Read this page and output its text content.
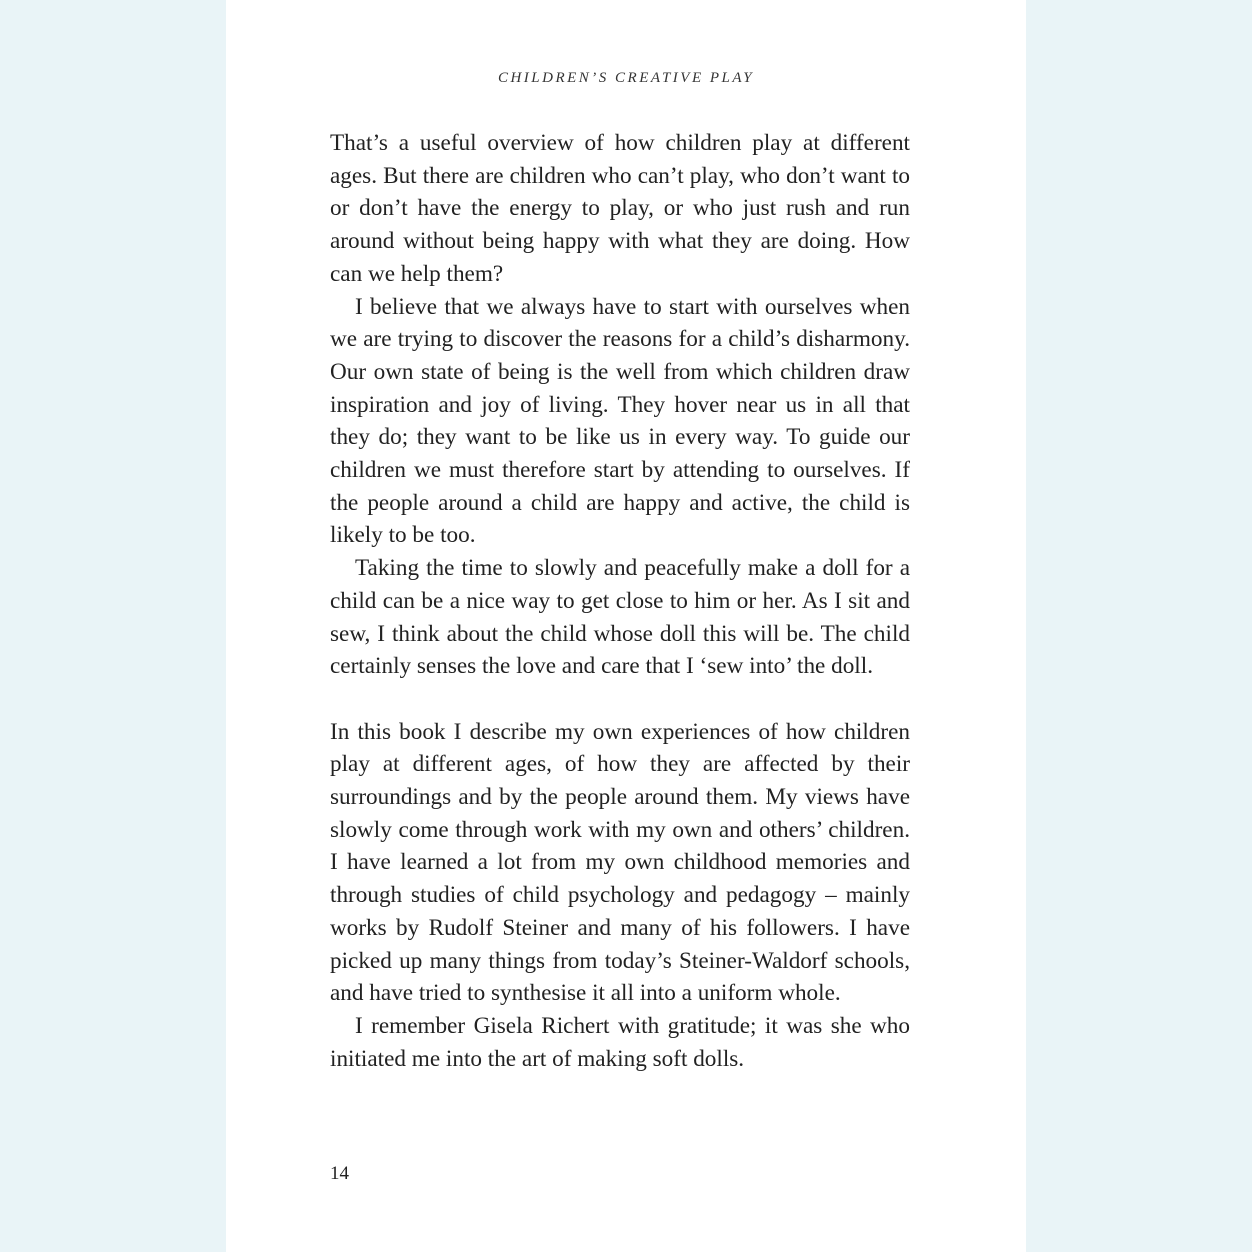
CHILDREN’S CREATIVE PLAY

That’s a useful overview of how children play at different ages. But there are children who can’t play, who don’t want to or don’t have the energy to play, or who just rush and run around without being happy with what they are doing. How can we help them?

I believe that we always have to start with ourselves when we are trying to discover the reasons for a child’s disharmony. Our own state of being is the well from which children draw inspiration and joy of living. They hover near us in all that they do; they want to be like us in every way. To guide our children we must therefore start by attending to ourselves. If the people around a child are happy and active, the child is likely to be too.

Taking the time to slowly and peacefully make a doll for a child can be a nice way to get close to him or her. As I sit and sew, I think about the child whose doll this will be. The child certainly senses the love and care that I ‘sew into’ the doll.

In this book I describe my own experiences of how children play at different ages, of how they are affected by their surroundings and by the people around them. My views have slowly come through work with my own and others’ children. I have learned a lot from my own childhood memories and through studies of child psychology and pedagogy – mainly works by Rudolf Steiner and many of his followers. I have picked up many things from today’s Steiner-Waldorf schools, and have tried to synthesise it all into a uniform whole.

I remember Gisela Richert with gratitude; it was she who initiated me into the art of making soft dolls.

14
